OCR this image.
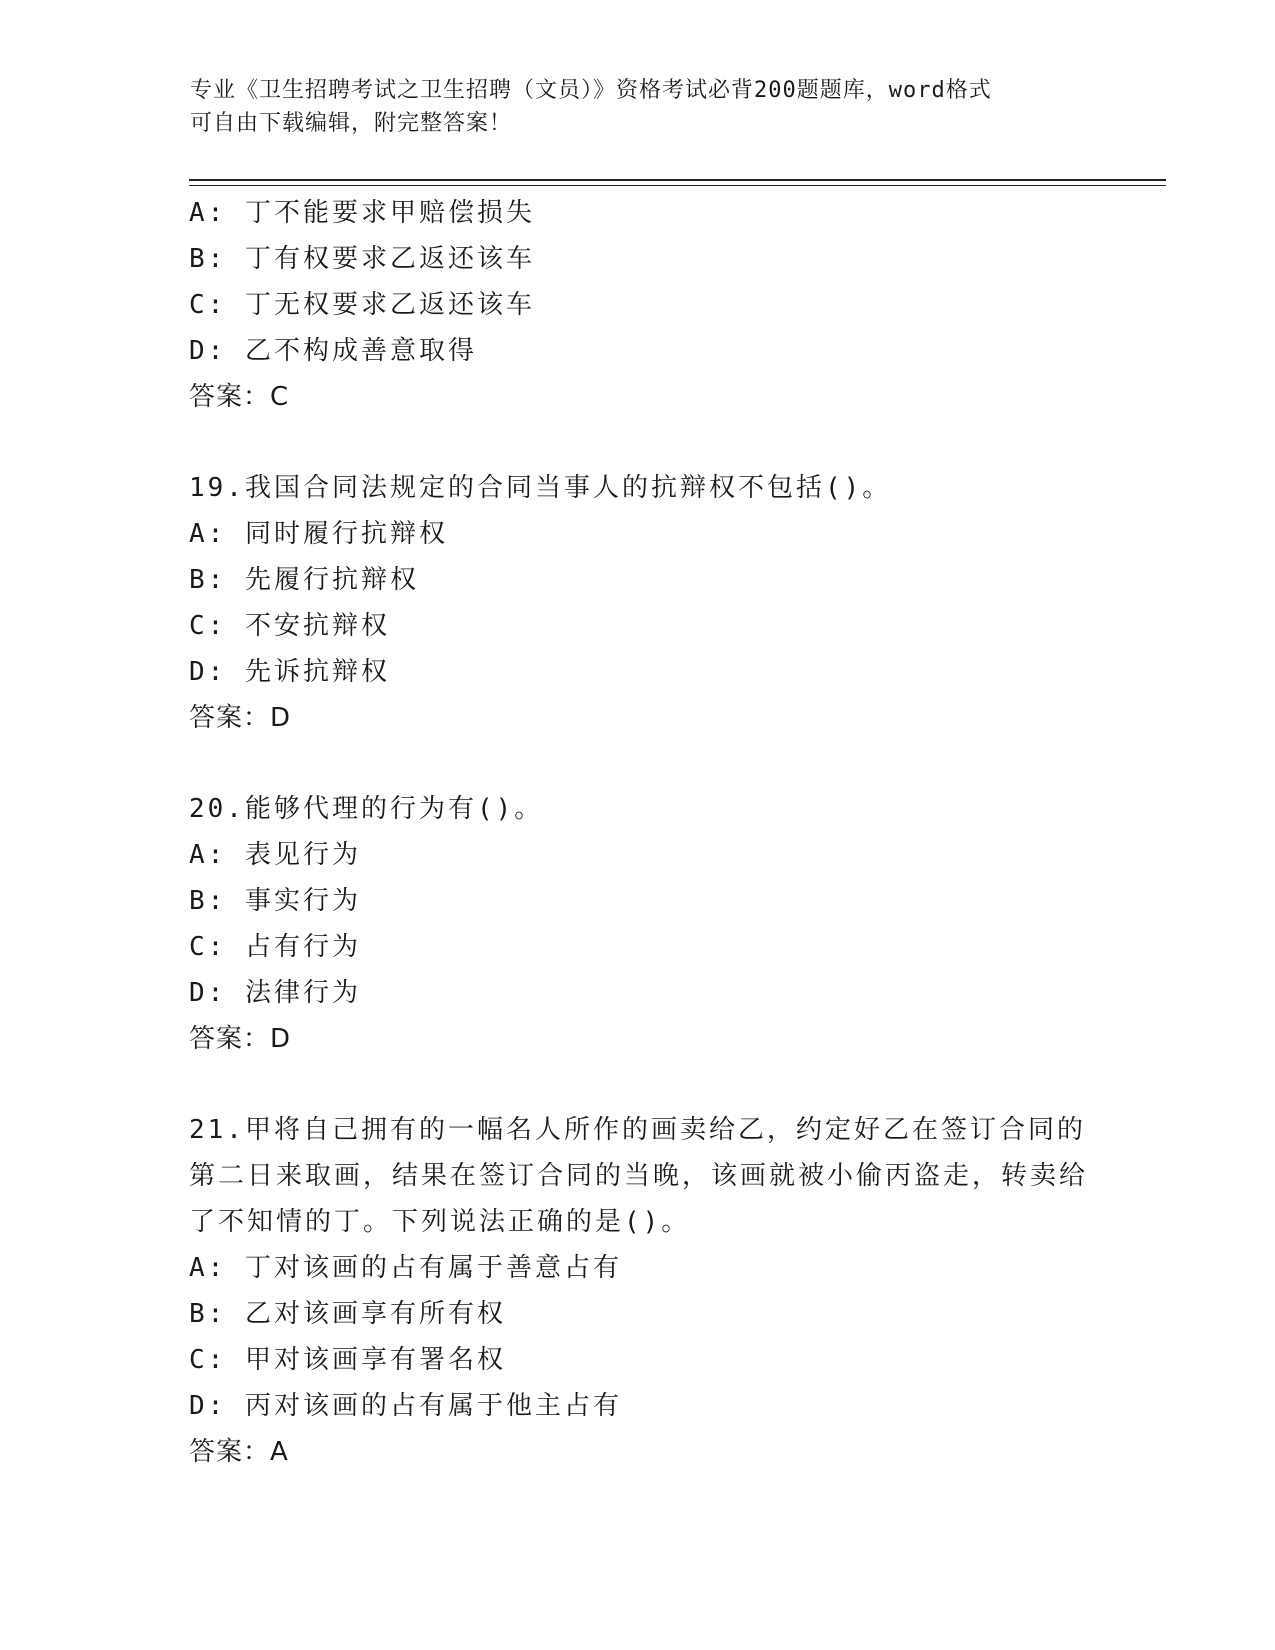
专业《卫生招聘考试之卫生招聘（文员）》资格考试必背200题题库，word格式
可自由下载编辑，附完整答案！
A: 丁不能要求甲赔偿损失
B: 丁有权要求乙返还该车
C: 丁无权要求乙返还该车
D: 乙不构成善意取得
答案：C
19.我国合同法规定的合同当事人的抗辩权不包括()。
A: 同时履行抗辩权
B: 先履行抗辩权
C: 不安抗辩权
D: 先诉抗辩权
答案：D
20.能够代理的行为有()。
A: 表见行为
B: 事实行为
C: 占有行为
D: 法律行为
答案：D
21.甲将自己拥有的一幅名人所作的画卖给乙，约定好乙在签订合同的第二日来取画，结果在签订合同的当晚，该画就被小偷丙盗走，转卖给了不知情的丁。下列说法正确的是()。
A: 丁对该画的占有属于善意占有
B: 乙对该画享有所有权
C: 甲对该画享有署名权
D: 丙对该画的占有属于他主占有
答案：A
